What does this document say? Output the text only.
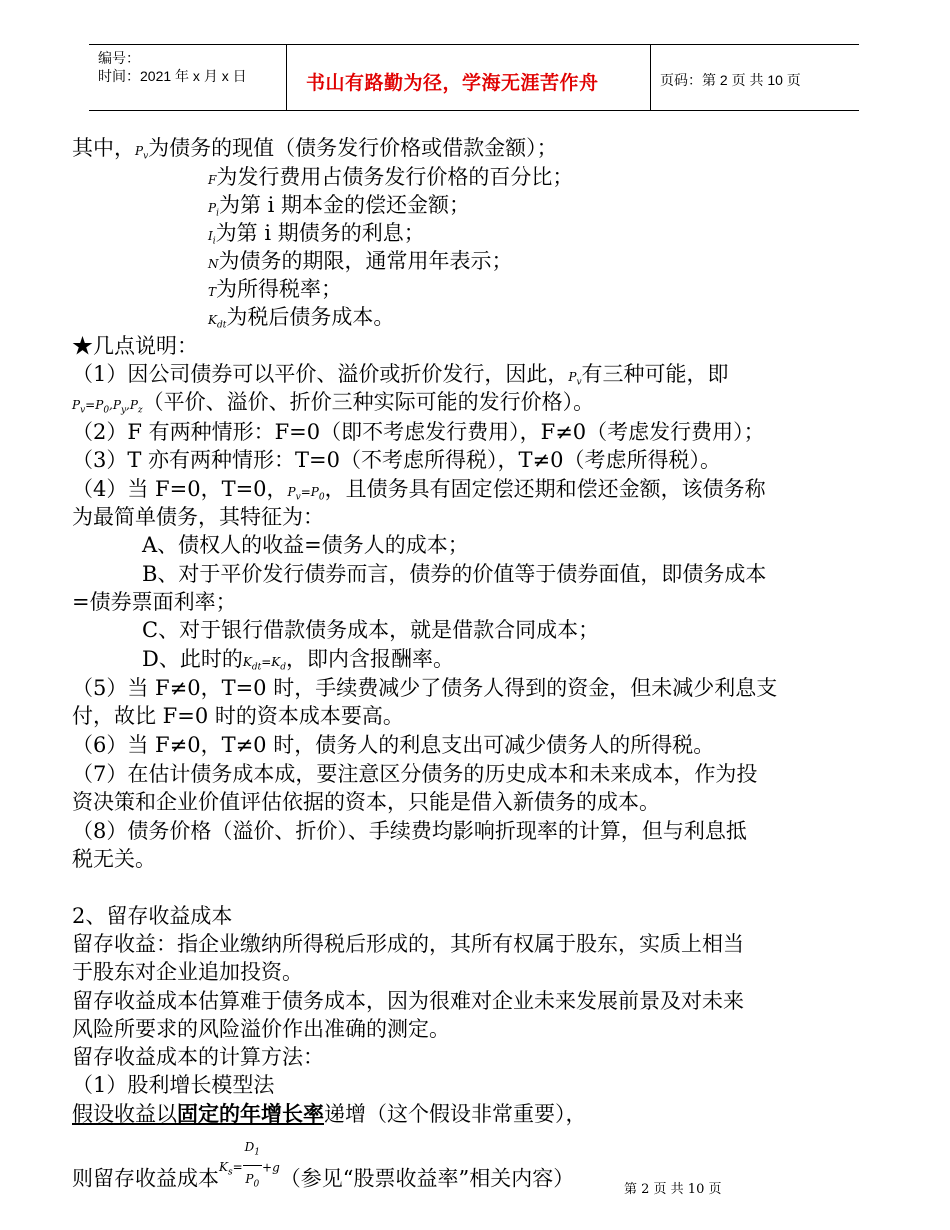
编号：
时间：2021 年 x 月 x 日	书山有路勤为径，学海无涯苦作舟	页码：第 2 页 共 10 页
其中，$P_v$为债务的现值（债务发行价格或借款金额）；
F为发行费用占债务发行价格的百分比；
$P_i$为第 i 期本金的偿还金额；
$I_i$为第 i 期债务的利息；
N为债务的期限，通常用年表示；
T为所得税率；
$K_{dt}$为税后债务成本。
★几点说明：
（1）因公司债券可以平价、溢价或折价发行，因此，$P_v$有三种可能，即
$P_v=P_0,P_y,P_z$（平价、溢价、折价三种实际可能的发行价格）。
（2）F 有两种情形：F=0（即不考虑发行费用），F≠0（考虑发行费用）；
（3）T 亦有两种情形：T=0（不考虑所得税），T≠0（考虑所得税）。
（4）当 F=0，T=0，$P_v=P_0$，且债务具有固定偿还期和偿还金额，该债务称
为最简单债务，其特征为：
A、债权人的收益=债务人的成本；
B、对于平价发行债券而言，债券的价值等于债券面值，即债务成本
=债券票面利率；
C、对于银行借款债务成本，就是借款合同成本；
D、此时的$K_{dt}=K_d$，即内含报酬率。
（5）当 F≠0，T=0 时，手续费减少了债务人得到的资金，但未减少利息支
付，故比 F=0 时的资本成本要高。
（6）当 F≠0，T≠0 时，债务人的利息支出可减少债务人的所得税。
（7）在估计债务成本成，要注意区分债务的历史成本和未来成本，作为投
资决策和企业价值评估依据的资本，只能是借入新债务的成本。
（8）债务价格（溢价、折价）、手续费均影响折现率的计算，但与利息抵
税无关。
2、留存收益成本
留存收益：指企业缴纳所得税后形成的，其所有权属于股东，实质上相当
于股东对企业追加投资。
留存收益成本估算难于债务成本，因为很难对企业未来发展前景及对未来
风险所要求的风险溢价作出准确的测定。
留存收益成本的计算方法：
（1）股利增长模型法
假设收益以固定的年增长率递增（这个假设非常重要），
则留存收益成本$K_s= \frac{D_1}{P_0} +g$（参见“股票收益率”相关内容）	第 2 页 共 10 页
